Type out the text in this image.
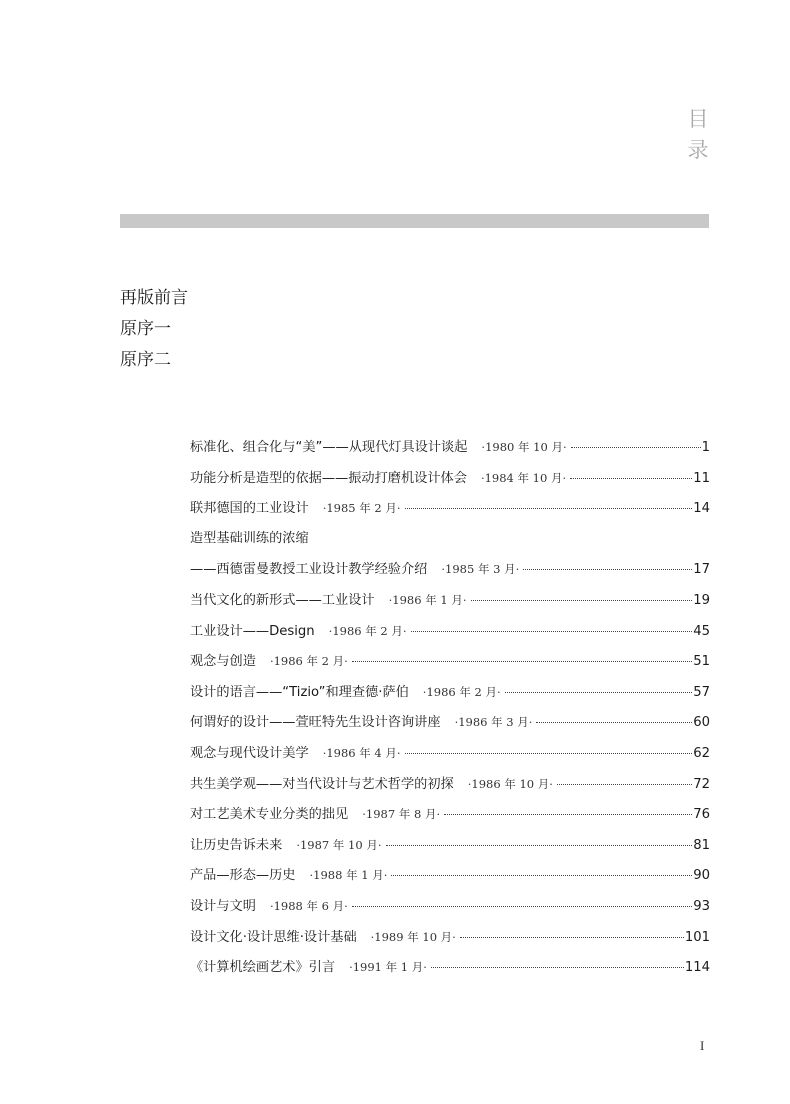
目
录
再版前言
原序一
原序二
标准化、组合化与“美”——从现代灯具设计谈起 ·1980 年 10 月·	1
功能分析是造型的依据——振动打磨机设计体会 ·1984 年 10 月·	11
联邦德国的工业设计 ·1985 年 2 月·	14
造型基础训练的浓缩
——西德雷曼教授工业设计教学经验介绍 ·1985 年 3 月·	17
当代文化的新形式——工业设计 ·1986 年 1 月·	19
工业设计——Design ·1986 年 2 月·	45
观念与创造 ·1986 年 2 月·	51
设计的语言——“Tizio”和理查德·萨伯 ·1986 年 2 月·	57
何谓好的设计——萱旺特先生设计咨询讲座 ·1986 年 3 月·	60
观念与现代设计美学 ·1986 年 4 月·	62
共生美学观——对当代设计与艺术哲学的初探 ·1986 年 10 月·	72
对工艺美术专业分类的拙见 ·1987 年 8 月·	76
让历史告诉未来 ·1987 年 10 月·	81
产品—形态—历史 ·1988 年 1 月·	90
设计与文明 ·1988 年 6 月·	93
设计文化·设计思维·设计基础 ·1989 年 10 月·	101
《计算机绘画艺术》引言 ·1991 年 1 月·	114
I
